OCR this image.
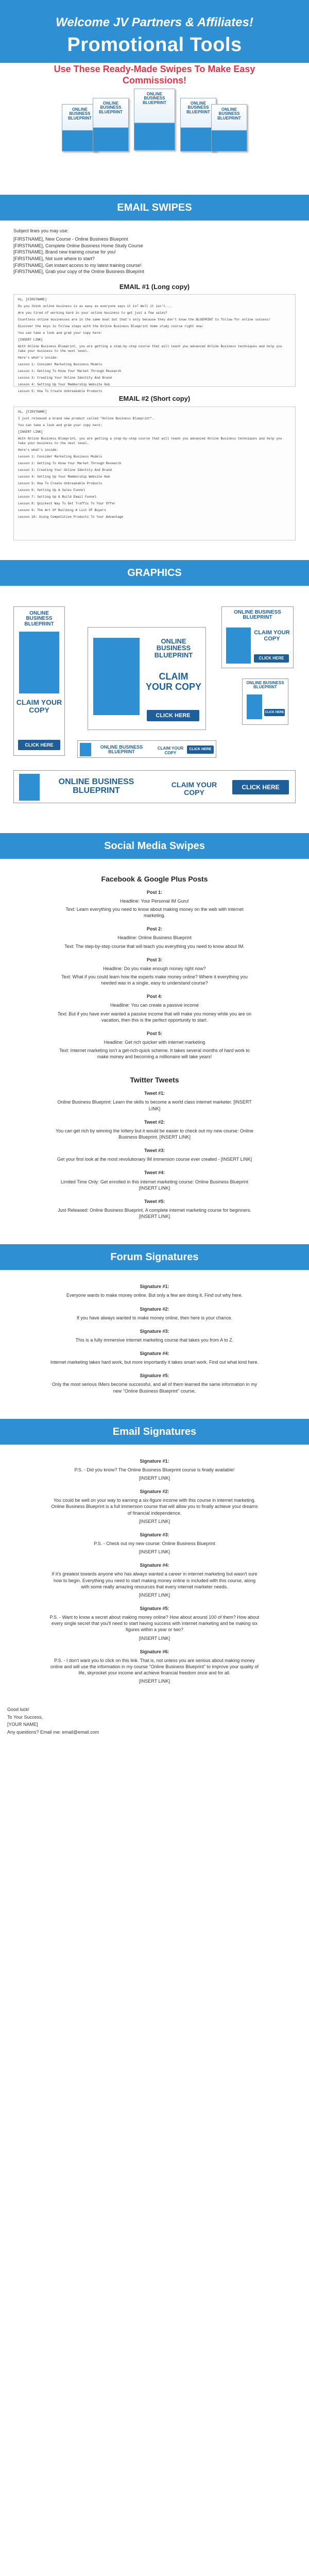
Welcome JV Partners & Affiliates!
Promotional Tools
Use These Ready-Made Swipes To Make Easy Commissions!
ONLINE BUSINESS BLUEPRINT
ONLINE BUSINESS BLUEPRINT
ONLINE BUSINESS BLUEPRINT	ONLINE BUSINESS BLUEPRINT
ONLINE BUSINESS BLUEPRINT
EMAIL SWIPES
Subject lines you may use:
[FIRSTNAME], New Course - Online Business Blueprint
[FIRSTNAME], Complete Online Business Home Study Course
[FIRSTNAME], Brand new training course for you!
[FIRSTNAME], Not sure where to start?
[FIRSTNAME], Get instant access to my latest training course!
[FIRSTNAME], Grab your copy of the Online Business Blueprint
EMAIL #1 (Long copy)

Hi, [FIRSTNAME]

Do you think online business is as easy as everyone says it is? Well it isn't...

Are you tired of working hard in your online business to get just a few sales?

Countless online businesses are in the same boat but that's only because they don't know the BLUEPRINT to follow for online success!

Discover the keys to follow steps with the Online Business Blueprint home study course right now:

You can take a look and grab your copy here:

[INSERT LINK]

With Online Business Blueprint, you are getting a step-by-step course that will teach you advanced Online Business techniques and help you take your business to the next level.

Here's what's inside:

Lesson 1: Consider Marketing Business Models

Lesson 2: Getting To Know Your Market Through Research

Lesson 3: Creating Your Online Identity And Brand

Lesson 4: Setting Up Your Membership Website Hub

Lesson 5: How To Create Unbreakable Products

EMAIL #2 (Short copy)

Hi, [FIRSTNAME]

I just released a brand new product called "Online Business Blueprint".

You can take a look and grab your copy here:

[INSERT LINK]

With Online Business Blueprint, you are getting a step-by-step course that will teach you advanced Online Business techniques and help you take your business to the next level.

Here's what's inside:

Lesson 1: Consider Marketing Business Models

Lesson 2: Getting To Know Your Market Through Research

Lesson 3: Creating Your Online Identity And Brand

Lesson 4: Setting Up Your Membership Website Hub

Lesson 5: How To Create Unbreakable Products

Lesson 6: Setting Up A Sales Funnel

Lesson 7: Setting Up & Build Email Funnel

Lesson 8: Quickest Way To Get Traffic To Your Offer

Lesson 9: The Art Of Building A List Of Buyers

Lesson 10: Using Competitive Products To Your Advantage

GRAPHICS
ONLINE BUSINESS BLUEPRINT
CLAIM YOUR COPY
CLICK HERE
ONLINE BUSINESS BLUEPRINT
CLAIM YOUR COPY
CLICK HERE
ONLINE BUSINESS BLUEPRINT
CLAIM YOUR COPY
CLICK HERE
ONLINE BUSINESS BLUEPRINT
CLICK HERE
ONLINE BUSINESS BLUEPRINT
CLAIM YOUR COPY
CLICK HERE
ONLINE BUSINESS BLUEPRINT
CLAIM YOUR COPY
CLICK HERE
Social Media Swipes
Facebook & Google Plus Posts
Post 1:
Headline: Your Personal IM Guru!
Text: Learn everything you need to know about making money on the web with internet marketing.
Post 2:
Headline: Online Business Blueprint
Text: The step-by-step course that will teach you everything you need to know about IM.
Post 3:
Headline: Do you make enough money right now?
Text: What if you could learn how the experts make money online? Where it everything you needed was in a single, easy to understand course?
Post 4:
Headline: You can create a passive income
Text: But if you have ever wanted a passive income that will make you money while you are on vacation, then this is the perfect opportunity to start.
Post 5:
Headline: Get rich quicker with internet marketing
Text: Internet marketing isn't a get-rich-quick scheme. It takes several months of hard work to make money and becoming a millionaire will take years!
Twitter Tweets
Tweet #1:
Online Business Blueprint: Learn the skills to become a world class internet marketer. [INSERT LINK]
Tweet #2:
You can get rich by winning the lottery but it would be easier to check out my new course: Online Business Blueprint. [INSERT LINK]
Tweet #3:
Get your first look at the most revolutionary IM immersion course ever created - [INSERT LINK]
Tweet #4:
Limited Time Only: Get enrolled in this internet marketing course: Online Business Blueprint [INSERT LINK]
Tweet #5:
Just Released: Online Business Blueprint. A complete internet marketing course for beginners. [INSERT LINK]
Forum Signatures
Signature #1:
Everyone wants to make money online. But only a few are doing it. Find out why here.
Signature #2:
If you have always wanted to make money online, then here is your chance.
Signature #3:
This is a fully immersive internet marketing course that takes you from A to Z.
Signature #4:
Internet marketing takes hard work, but more importantly it takes smart work. Find out what kind here.
Signature #5:
Only the most serious IMers become successful, and all of them learned the same information in my new "Online Business Blueprint" course.
Email Signatures
Signature #1:
P.S. - Did you know? The Online Business Blueprint course is finally available!
[INSERT LINK]
Signature #2:
You could be well on your way to earning a six-figure income with this course in internet marketing. Online Business Blueprint is a full immersion course that will allow you to finally achieve your dreams of financial independence.
[INSERT LINK]
Signature #3:
P.S. - Check out my new course: Online Business Blueprint
[INSERT LINK]
Signature #4:
If it's greatest towards anyone who has always wanted a career in internet marketing but wasn't sure how to begin. Everything you need to start making money online is included with this course, along with some really amazing resources that every internet marketer needs.
[INSERT LINK]
Signature #5:
P.S. - Want to know a secret about making money online? How about around 100 of them? How about every single secret that you'll need to start having success with internet marketing and be making six figures within a year or two?
[INSERT LINK]
Signature #6:
P.S. - I don't want you to click on this link. That is, not unless you are serious about making money online and will use the information in my course "Online Business Blueprint" to improve your quality of life, skyrocket your income and achieve financial freedom once and for all.
[INSERT LINK]
Good luck!
To Your Success,
[YOUR NAME]
Any questions? Email me: email@email.com
